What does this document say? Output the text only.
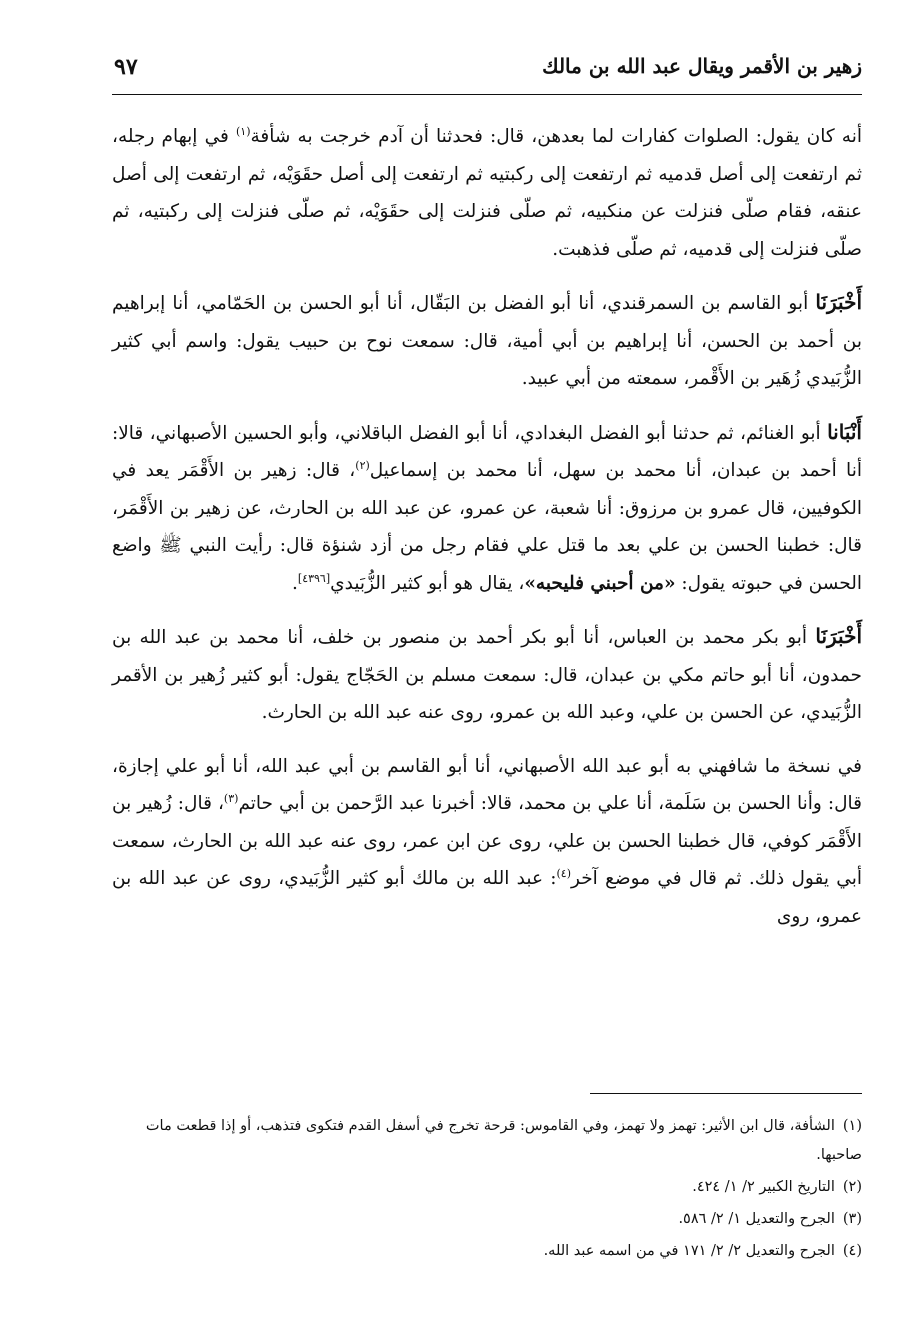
زهير بن الأقمر ويقال عبد الله بن مالك
٩٧

أنه كان يقول: الصلوات كفارات لما بعدهن، قال: فحدثنا أن آدم خرجت به شأفة$^{(١)}$ في إبهام رجله، ثم ارتفعت إلى أصل قدميه ثم ارتفعت إلى ركبتيه ثم ارتفعت إلى أصل حقَوَيْه، ثم ارتفعت إلى أصل عنقه، فقام صلّى فنزلت عن منكبيه، ثم صلّى فنزلت إلى حقَوَيْه، ثم صلّى فنزلت إلى ركبتيه، ثم صلّى فنزلت إلى قدميه، ثم صلّى فذهبت.

أَخْبَرَنَا أبو القاسم بن السمرقندي، أنا أبو الفضل بن البَقّال، أنا أبو الحسن بن الحَمّامي، أنا إبراهيم بن أحمد بن الحسن، أنا إبراهيم بن أبي أمية، قال: سمعت نوح بن حبيب يقول: واسم أبي كثير الزُّبَيدي زُهَير بن الأَقْمر، سمعته من أبي عبيد.

أَنْبَانا أبو الغنائم، ثم حدثنا أبو الفضل البغدادي، أنا أبو الفضل الباقلاني، وأبو الحسين الأصبهاني، قالا: أنا أحمد بن عبدان، أنا محمد بن سهل، أنا محمد بن إسماعيل$^{(٢)}$، قال: زهير بن الأَقْمَر يعد في الكوفيين، قال عمرو بن مرزوق: أنا شعبة، عن عمرو، عن عبد الله بن الحارث، عن زهير بن الأَقْمَر، قال: خطبنا الحسن بن علي بعد ما قتل علي فقام رجل من أزد شنؤة قال: رأيت النبي ﷺ واضع الحسن في حبوته يقول: «من أحبني فليحبه»، يقال هو أبو كثير الزُّبَيدي[٤٣٩٦].

أَخْبَرَنَا أبو بكر محمد بن العباس، أنا أبو بكر أحمد بن منصور بن خلف، أنا محمد بن عبد الله بن حمدون، أنا أبو حاتم مكي بن عبدان، قال: سمعت مسلم بن الحَجّاج يقول: أبو كثير زُهير بن الأقمر الزُّبَيدي، عن الحسن بن علي، وعبد الله بن عمرو، روى عنه عبد الله بن الحارث.

في نسخة ما شافهني به أبو عبد الله الأصبهاني، أنا أبو القاسم بن أبي عبد الله، أنا أبو علي إجازة، قال: وأنا الحسن بن سَلَمة، أنا علي بن محمد، قالا: أخبرنا عبد الرَّحمن بن أبي حاتم$^{(٣)}$، قال: زُهير بن الأَقْمَر كوفي، قال خطبنا الحسن بن علي، روى عن ابن عمر، روى عنه عبد الله بن الحارث، سمعت أبي يقول ذلك. ثم قال في موضع آخر$^{(٤)}$: عبد الله بن مالك أبو كثير الزُّبَيدي، روى عن عبد الله بن عمرو، روى

(١)الشأفة، قال ابن الأثير: تهمز ولا تهمز، وفي القاموس: قرحة تخرج في أسفل القدم فتكوى فتذهب، أو إذا قطعت مات صاحبها.

(٢)التاريخ الكبير ٢/ ١/ ٤٢٤.

(٣)الجرح والتعديل ١/ ٢/ ٥٨٦.

(٤)الجرح والتعديل ٢/ ٢/ ١٧١ في من اسمه عبد الله.
